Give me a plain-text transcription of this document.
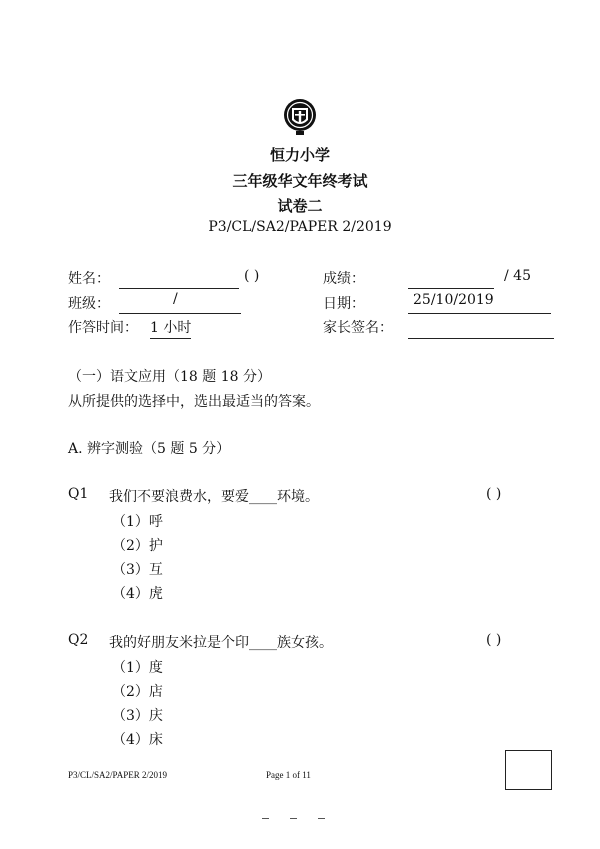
恒力小学
三年级华文年终考试
试卷二
P3/CL/SA2/PAPER 2/2019
姓名：	( )	成绩：	/ 45
班级：	/	日期：	25/10/2019
作答时间： 1 小时	家长签名：
（一）语文应用（18 题 18 分）
从所提供的选择中，选出最适当的答案。
A. 辨字测验（5 题 5 分）
Q1 我们不要浪费水，要爱____环境。	( )
（1）呼
（2）护
（3）互
（4）虎
Q2 我的好朋友米拉是个印____族女孩。	( )
（1）度
（2）店
（3）庆
（4）床
P3/CL/SA2/PAPER 2/2019	Page 1 of 11
